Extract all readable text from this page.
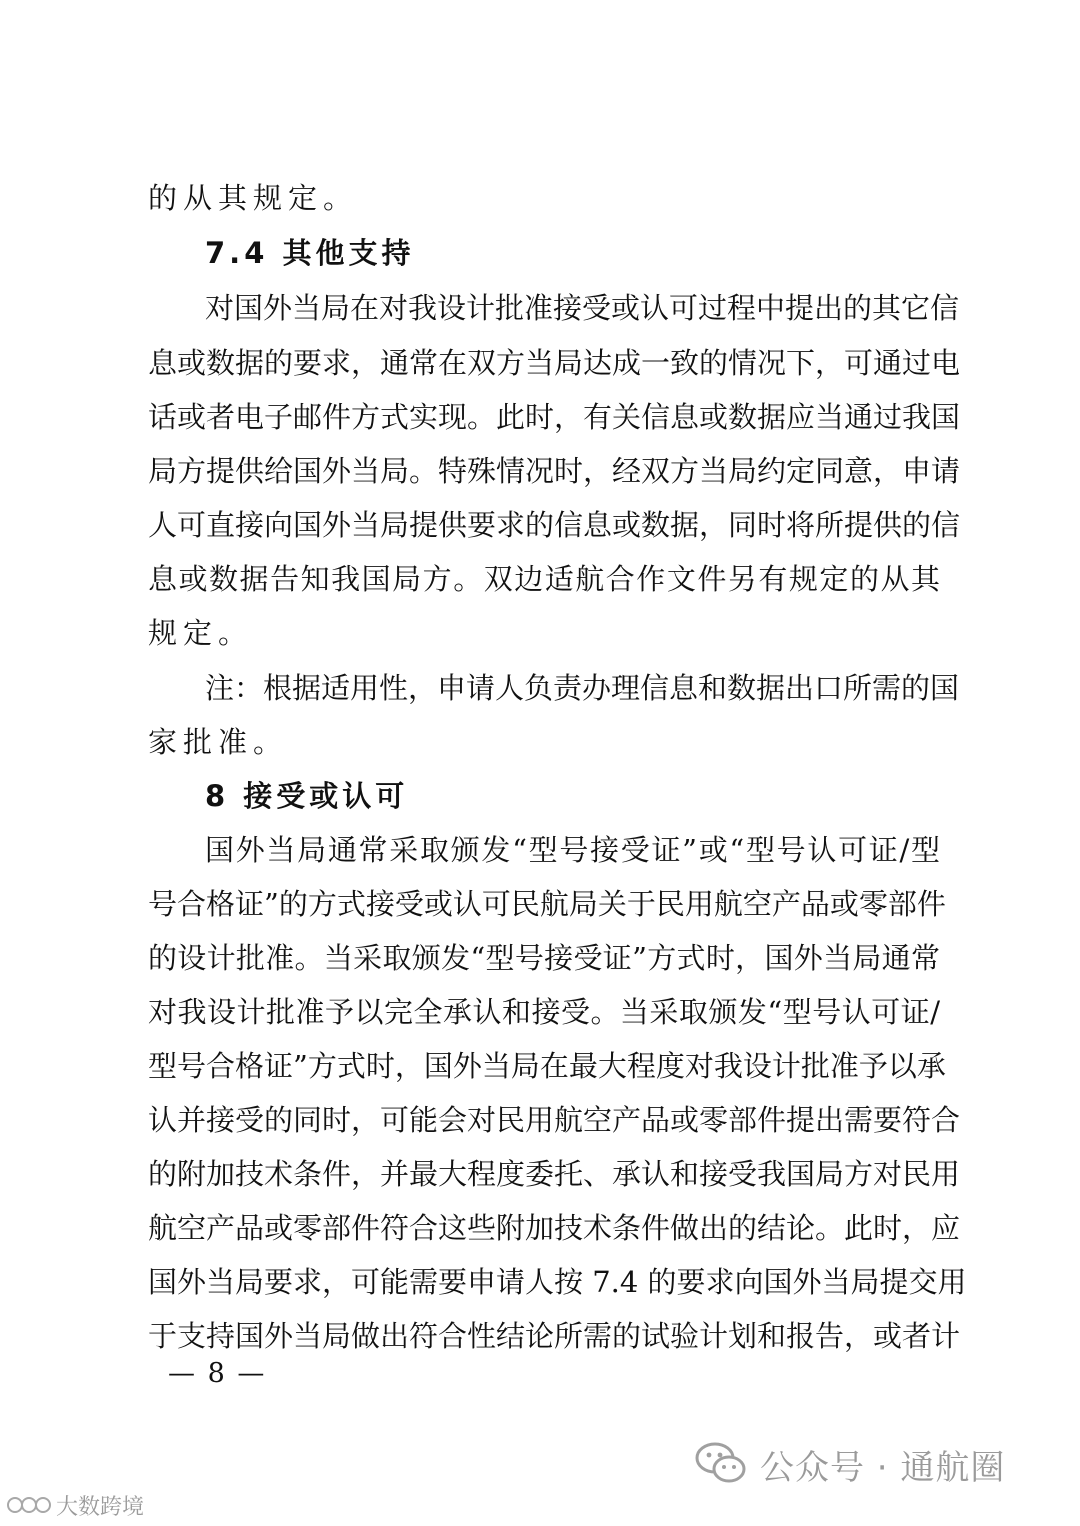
的从其规定。
7.4 其他支持
对国外当局在对我设计批准接受或认可过程中提出的其它信
息或数据的要求，通常在双方当局达成一致的情况下，可通过电
话或者电子邮件方式实现。此时，有关信息或数据应当通过我国
局方提供给国外当局。特殊情况时，经双方当局约定同意，申请
人可直接向国外当局提供要求的信息或数据，同时将所提供的信
息或数据告知我国局方。双边适航合作文件另有规定的从其
规定。
注：根据适用性，申请人负责办理信息和数据出口所需的国
家批准。
8 接受或认可
国外当局通常采取颁发“型号接受证”或“型号认可证/型
号合格证”的方式接受或认可民航局关于民用航空产品或零部件
的设计批准。当采取颁发“型号接受证”方式时，国外当局通常
对我设计批准予以完全承认和接受。当采取颁发“型号认可证/
型号合格证”方式时，国外当局在最大程度对我设计批准予以承
认并接受的同时，可能会对民用航空产品或零部件提出需要符合
的附加技术条件，并最大程度委托、承认和接受我国局方对民用
航空产品或零部件符合这些附加技术条件做出的结论。此时，应
国外当局要求，可能需要申请人按 7.4 的要求向国外当局提交用
于支持国外当局做出符合性结论所需的试验计划和报告，或者计
— 8 —
公众号 · 通航圈
大数跨境
